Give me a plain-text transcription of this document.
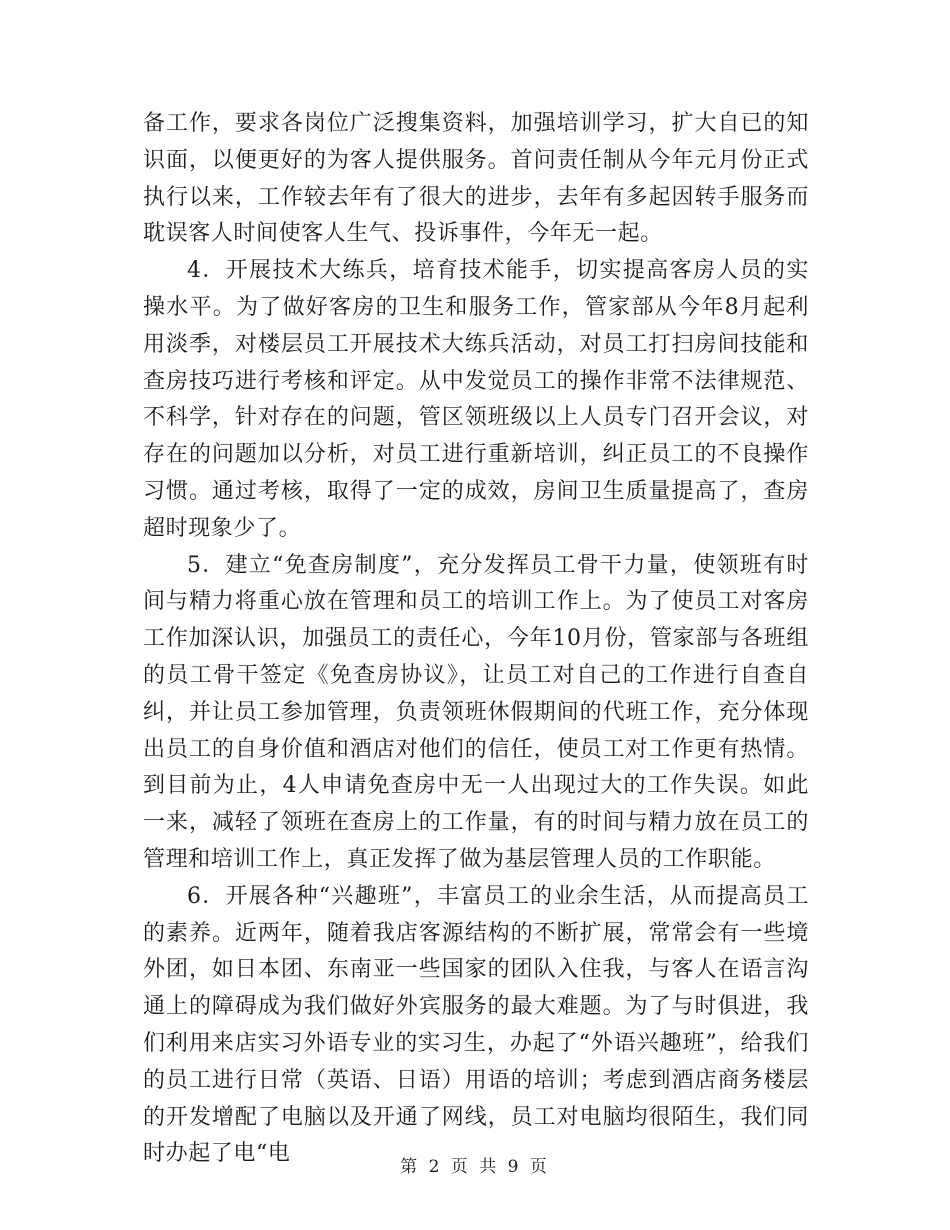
备工作，要求各岗位广泛搜集资料，加强培训学习，扩大自已的知识面，以便更好的为客人提供服务。首问责任制从今年元月份正式执行以来，工作较去年有了很大的进步，去年有多起因转手服务而耽误客人时间使客人生气、投诉事件，今年无一起。

4．开展技术大练兵，培育技术能手，切实提高客房人员的实操水平。为了做好客房的卫生和服务工作，管家部从今年8月起利用淡季，对楼层员工开展技术大练兵活动，对员工打扫房间技能和查房技巧进行考核和评定。从中发觉员工的操作非常不法律规范、不科学，针对存在的问题，管区领班级以上人员专门召开会议，对存在的问题加以分析，对员工进行重新培训，纠正员工的不良操作习惯。通过考核，取得了一定的成效，房间卫生质量提高了，查房超时现象少了。

5．建立“免查房制度”，充分发挥员工骨干力量，使领班有时间与精力将重心放在管理和员工的培训工作上。为了使员工对客房工作加深认识，加强员工的责任心，今年10月份，管家部与各班组的员工骨干签定《免查房协议》，让员工对自己的工作进行自查自纠，并让员工参加管理，负责领班休假期间的代班工作，充分体现出员工的自身价值和酒店对他们的信任，使员工对工作更有热情。到目前为止，4人申请免查房中无一人出现过大的工作失误。如此一来，减轻了领班在查房上的工作量，有的时间与精力放在员工的管理和培训工作上，真正发挥了做为基层管理人员的工作职能。

6．开展各种“兴趣班”，丰富员工的业余生活，从而提高员工的素养。近两年，随着我店客源结构的不断扩展，常常会有一些境外团，如日本团、东南亚一些国家的团队入住我，与客人在语言沟通上的障碍成为我们做好外宾服务的最大难题。为了与时俱进，我们利用来店实习外语专业的实习生，办起了“外语兴趣班”，给我们的员工进行日常（英语、日语）用语的培训；考虑到酒店商务楼层的开发增配了电脑以及开通了网线，员工对电脑均很陌生，我们同时办起了电“电

第 2 页 共 9 页
